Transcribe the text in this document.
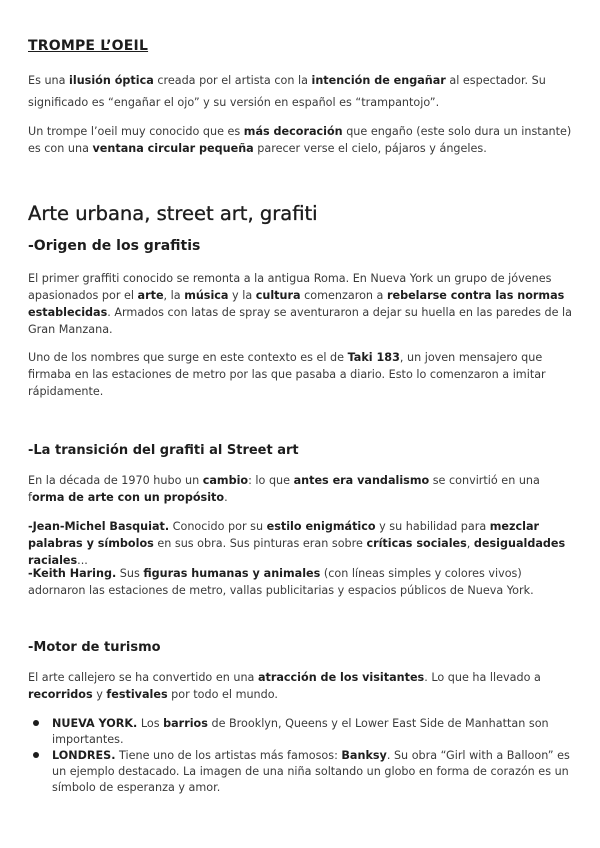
TROMPE L’OEIL

Es una ilusión óptica creada por el artista con la intención de engañar al espectador. Su significado es “engañar el ojo” y su versión en español es “trampantojo”.

Un trompe l’oeil muy conocido que es más decoración que engaño (este solo dura un instante) es con una ventana circular pequeña parecer verse el cielo, pájaros y ángeles.

Arte urbana, street art, grafiti
-Origen de los grafitis

El primer graffiti conocido se remonta a la antigua Roma. En Nueva York un grupo de jóvenes apasionados por el arte, la música y la cultura comenzaron a rebelarse contra las normas establecidas. Armados con latas de spray se aventuraron a dejar su huella en las paredes de la Gran Manzana.

Uno de los nombres que surge en este contexto es el de Taki 183, un joven mensajero que firmaba en las estaciones de metro por las que pasaba a diario. Esto lo comenzaron a imitar rápidamente.

-La transición del grafiti al Street art

En la década de 1970 hubo un cambio: lo que antes era vandalismo se convirtió en una forma de arte con un propósito.

-Jean-Michel Basquiat. Conocido por su estilo enigmático y su habilidad para mezclar palabras y símbolos en sus obra. Sus pinturas eran sobre críticas sociales, desigualdades raciales...

-Keith Haring. Sus figuras humanas y animales (con líneas simples y colores vivos) adornaron las estaciones de metro, vallas publicitarias y espacios públicos de Nueva York.

-Motor de turismo

El arte callejero se ha convertido en una atracción de los visitantes. Lo que ha llevado a recorridos y festivales por todo el mundo.

NUEVA YORK. Los barrios de Brooklyn, Queens y el Lower East Side de Manhattan son importantes.
LONDRES. Tiene uno de los artistas más famosos: Banksy. Su obra “Girl with a Balloon” es un ejemplo destacado. La imagen de una niña soltando un globo en forma de corazón es un símbolo de esperanza y amor.
